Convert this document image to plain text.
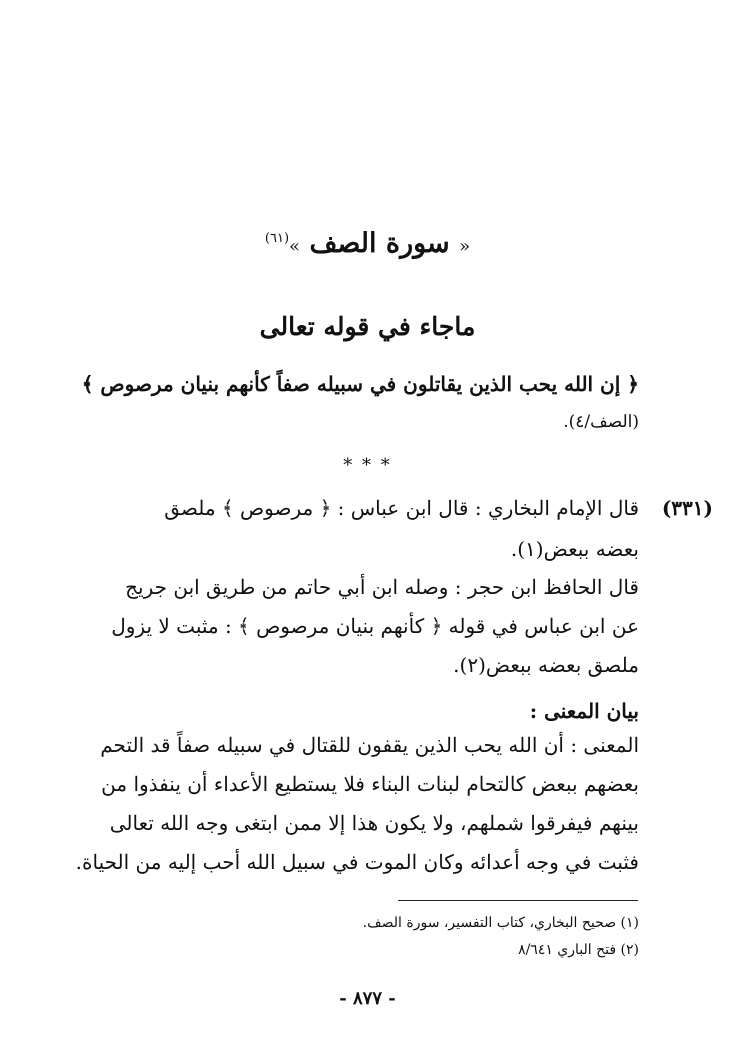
« سورة الصف »$^{(٦١)}$
ماجاء في قوله تعالى
﴿ إن الله يحب الذين يقاتلون في سبيله صفاً كأنهم بنيان مرصوص ﴾
(الصف/٤).
* * *
(٣٣١)
قال الإمام البخاري : قال ابن عباس : ﴿ مرصوص ﴾ ملصق
بعضه ببعض(١).
قال الحافظ ابن حجر : وصله ابن أبي حاتم من طريق ابن جريج
عن ابن عباس في قوله ﴿ كأنهم بنيان مرصوص ﴾ : مثبت لا يزول
ملصق بعضه ببعض(٢).
بيان المعنى :
المعنى : أن الله يحب الذين يقفون للقتال في سبيله صفاً قد التحم
بعضهم ببعض كالتحام لبنات البناء فلا يستطيع الأعداء أن ينفذوا من
بينهم فيفرقوا شملهم، ولا يكون هذا إلا ممن ابتغى وجه الله تعالى
فثبت في وجه أعدائه وكان الموت في سبيل الله أحب إليه من الحياة.
(١) صحيح البخاري، كتاب التفسير، سورة الصف.
(٢) فتح الباري ٨/٦٤١
- ٨٧٧ -
